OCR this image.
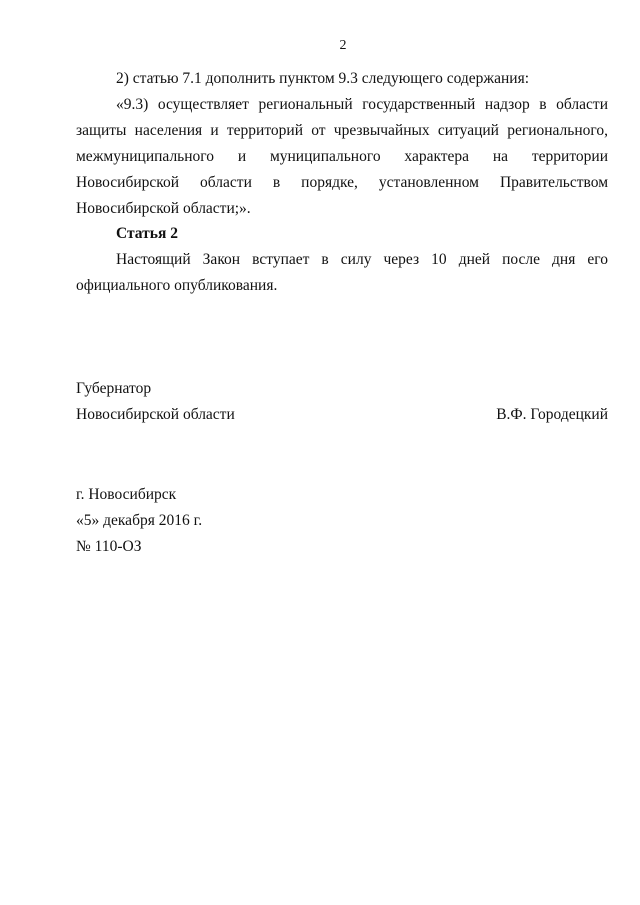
2

2) статью 7.1 дополнить пунктом 9.3 следующего содержания:

«9.3) осуществляет региональный государственный надзор в области защиты населения и территорий от чрезвычайных ситуаций регионального, межмуниципального и муниципального характера на территории Новосибирской области в порядке, установленном Правительством Новосибирской области;».

Статья 2

Настоящий Закон вступает в силу через 10 дней после дня его официального опубликования.

Губернатор
Новосибирской области	В.Ф. Городецкий
г. Новосибирск
«5» декабря 2016 г.
№ 110-ОЗ
